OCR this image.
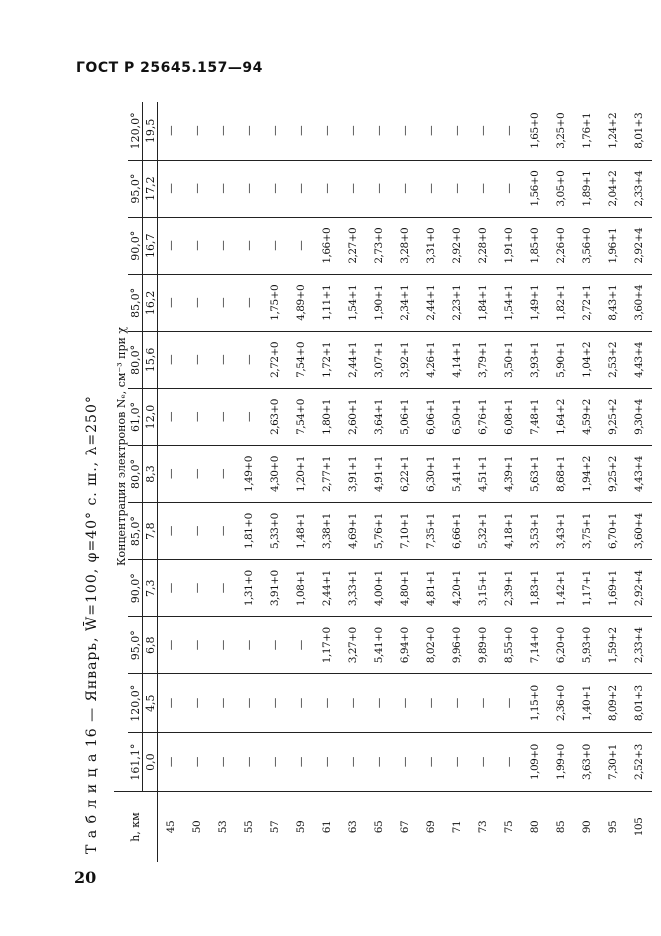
ГОСТ Р 25645.157—94
Т а б л и ц а 16 — Январь, W̄=100, φ=40° с. ш., λ=250°	h, км	Концентрация электронов Nₑ, см⁻³ при χ											
	161,1°	120,0°	95,0°	90,0°	85,0°	80,0°	61,0°	80,0°	85,0°	90,0°	95,0°	120,0°
	0,0	4,5	6,8	7,3	7,8	8,3	12,0	15,6	16,2	16,7	17,2	19,5
45	—	—	—	—	—	—	—	—	—	—	—	—
50	—	—	—	—	—	—	—	—	—	—	—	—
53	—	—	—	—	—	—	—	—	—	—	—	—
55	—	—	—	1,31+0	1,81+0	1,49+0	—	—	—	—	—	—
57	—	—	—	3,91+0	5,33+0	4,30+0	2,63+0	2,72+0	1,75+0	—	—	—
59	—	—	—	1,08+1	1,48+1	1,20+1	7,54+0	7,54+0	4,89+0	—	—	—
61	—	—	1,17+0	2,44+1	3,38+1	2,77+1	1,80+1	1,72+1	1,11+1	1,66+0	—	—
63	—	—	3,27+0	3,33+1	4,69+1	3,91+1	2,60+1	2,44+1	1,54+1	2,27+0	—	—
65	—	—	5,41+0	4,00+1	5,76+1	4,91+1	3,64+1	3,07+1	1,90+1	2,73+0	—	—
67	—	—	6,94+0	4,80+1	7,10+1	6,22+1	5,06+1	3,92+1	2,34+1	3,28+0	—	—
69	—	—	8,02+0	4,81+1	7,35+1	6,30+1	6,06+1	4,26+1	2,44+1	3,31+0	—	—
71	—	—	9,96+0	4,20+1	6,66+1	5,41+1	6,50+1	4,14+1	2,23+1	2,92+0	—	—
73	—	—	9,89+0	3,15+1	5,32+1	4,51+1	6,76+1	3,79+1	1,84+1	2,28+0	—	—
75	—	—	8,55+0	2,39+1	4,18+1	4,39+1	6,08+1	3,50+1	1,54+1	1,91+0	—	—
80	1,09+0	1,15+0	7,14+0	1,83+1	3,53+1	5,63+1	7,48+1	3,93+1	1,49+1	1,85+0	1,56+0	1,65+0
85	1,99+0	2,36+0	6,20+0	1,42+1	3,43+1	8,68+1	1,64+2	5,90+1	1,82+1	2,26+0	3,05+0	3,25+0
90	3,63+0	1,40+1	5,93+0	1,17+1	3,75+1	1,94+2	4,59+2	1,04+2	2,72+1	3,56+0	1,89+1	1,76+1
95	7,30+1	8,09+2	1,59+2	1,69+1	6,70+1	9,25+2	9,25+2	2,53+2	8,43+1	1,96+1	2,04+2	1,24+2
105	2,52+3	8,01+3	2,33+4	2,92+4	3,60+4	4,43+4	9,30+4	4,43+4	3,60+4	2,92+4	2,33+4	8,01+3
20
